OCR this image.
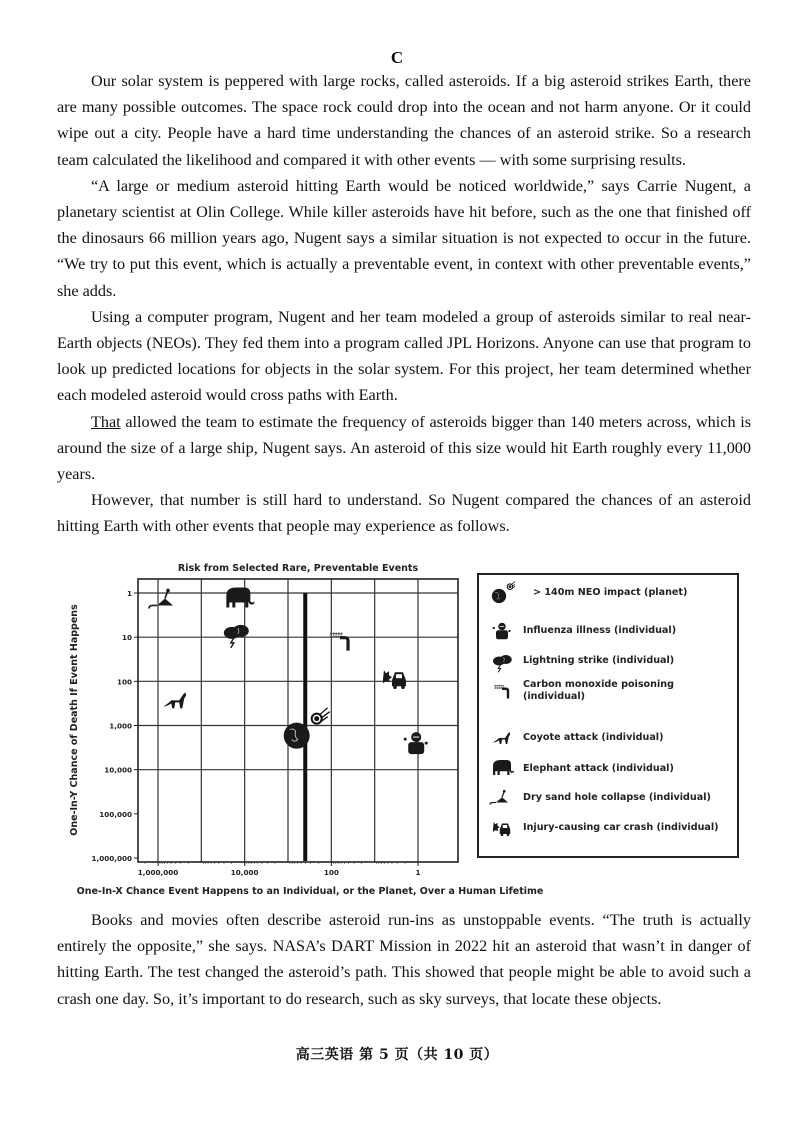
C

Our solar system is peppered with large rocks, called asteroids. If a big asteroid strikes Earth, there are many possible outcomes. The space rock could drop into the ocean and not harm anyone. Or it could wipe out a city. People have a hard time understanding the chances of an asteroid strike. So a research team calculated the likelihood and compared it with other events — with some surprising results.

“A large or medium asteroid hitting Earth would be noticed worldwide,” says Carrie Nugent, a planetary scientist at Olin College. While killer asteroids have hit before, such as the one that finished off the dinosaurs 66 million years ago, Nugent says a similar situation is not expected to occur in the future. “We try to put this event, which is actually a preventable event, in context with other preventable events,” she adds.

Using a computer program, Nugent and her team modeled a group of asteroids similar to real near-Earth objects (NEOs). They fed them into a program called JPL Horizons. Anyone can use that program to look up predicted locations for objects in the solar system. For this project, her team determined whether each modeled asteroid would cross paths with Earth.

That allowed the team to estimate the frequency of asteroids bigger than 140 meters across, which is around the size of a large ship, Nugent says. An asteroid of this size would hit Earth roughly every 11,000 years.

However, that number is still hard to understand. So Nugent compared the chances of an asteroid hitting Earth with other events that people may experience as follows.

Risk from Selected Rare, Preventable Events
One-In-Y Chance of Death If Event Happens
1
10
100
1,000
10,000
100,000
1,000,000
1,000,000	10,000	100	1
One-In-X Chance Event Happens to an Individual, or the Planet, Over a Human Lifetime
> 140m NEO impact (planet)
Influenza illness (individual)
Lightning strike (individual)
Carbon monoxide poisoning (individual)
Coyote attack (individual)
Elephant attack (individual)
Dry sand hole collapse (individual)
Injury-causing car crash (individual)

Books and movies often describe asteroid run-ins as unstoppable events. “The truth is actually entirely the opposite,” she says. NASA’s DART Mission in 2022 hit an asteroid that wasn’t in danger of hitting Earth. The test changed the asteroid’s path. This showed that people might be able to avoid such a crash one day. So, it’s important to do research, such as sky surveys, that locate these objects.

高三英语 第 5 页（共 10 页）
